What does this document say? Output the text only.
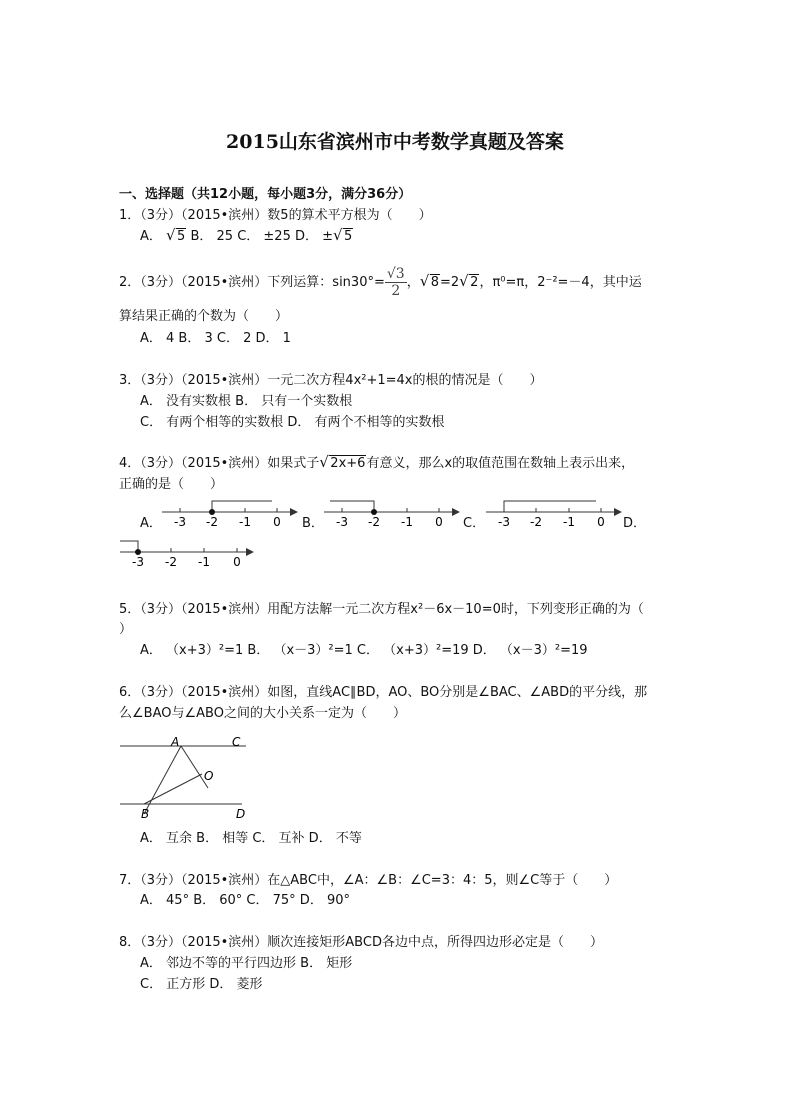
2015山东省滨州市中考数学真题及答案
一、选择题（共12小题，每小题3分，满分36分）
1．（3分）（2015•滨州）数5的算术平方根为（　　）
A． √ 5 B． 25 C． ±25 D． ± √ 5
2．（3分）（2015•滨州）下列运算：$\sin 30^\circ= \frac{√3}{2}$ ， √ 8=2 √ 2，π⁰=π，2⁻²=－4，其中运
算结果正确的个数为（　　）
A． 4 B． 3 C． 2 D． 1
3．（3分）（2015•滨州）一元二次方程4x²+1=4x的根的情况是（　　）
A． 没有实数根 B． 只有一个实数根
C． 有两个相等的实数根 D． 有两个不相等的实数根
4．（3分）（2015•滨州）如果式子 √ 2x+6有意义，那么x的取值范围在数轴上表示出来，
正确的是（　　）
A．	B．	C．	D．
-3 -2 -1 0	-3 -2 -1 0	-3 -2 -1 0
-3 -2 -1 0
5．（3分）（2015•滨州）用配方法解一元二次方程x²－6x－10=0时，下列变形正确的为（
）
A． （x+3）²=1 B． （x－3）²=1 C． （x+3）²=19 D． （x－3）²=19
6．（3分）（2015•滨州）如图，直线AC∥BD，AO、BO分别是∠BAC、∠ABD的平分线，那
么∠BAO与∠ABO之间的大小关系一定为（　　）
A	C
O
B	D
A． 互余 B． 相等 C． 互补 D． 不等
7．（3分）（2015•滨州）在△ABC中，∠A：∠B：∠C=3：4：5，则∠C等于（　　）
A． 45° B． 60° C． 75° D． 90°
8．（3分）（2015•滨州）顺次连接矩形ABCD各边中点，所得四边形必定是（　　）
A． 邻边不等的平行四边形 B． 矩形
C． 正方形 D． 菱形
